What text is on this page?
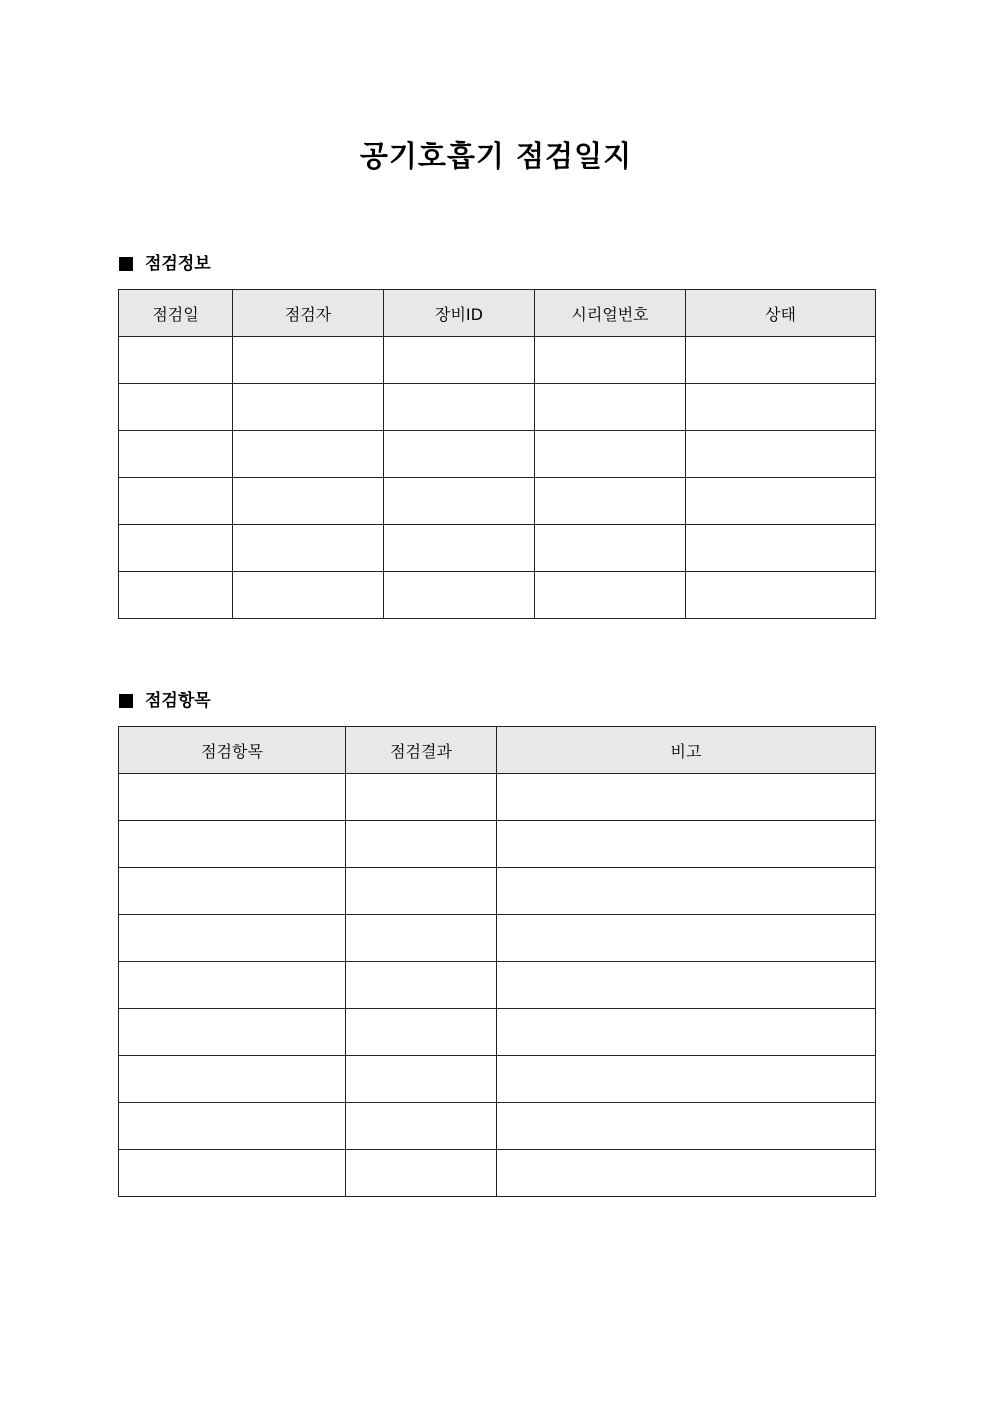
공기호흡기 점검일지
점검정보
점검일	점검자	장비ID	시리얼번호	상태

점검항목
점검항목	점검결과	비고
